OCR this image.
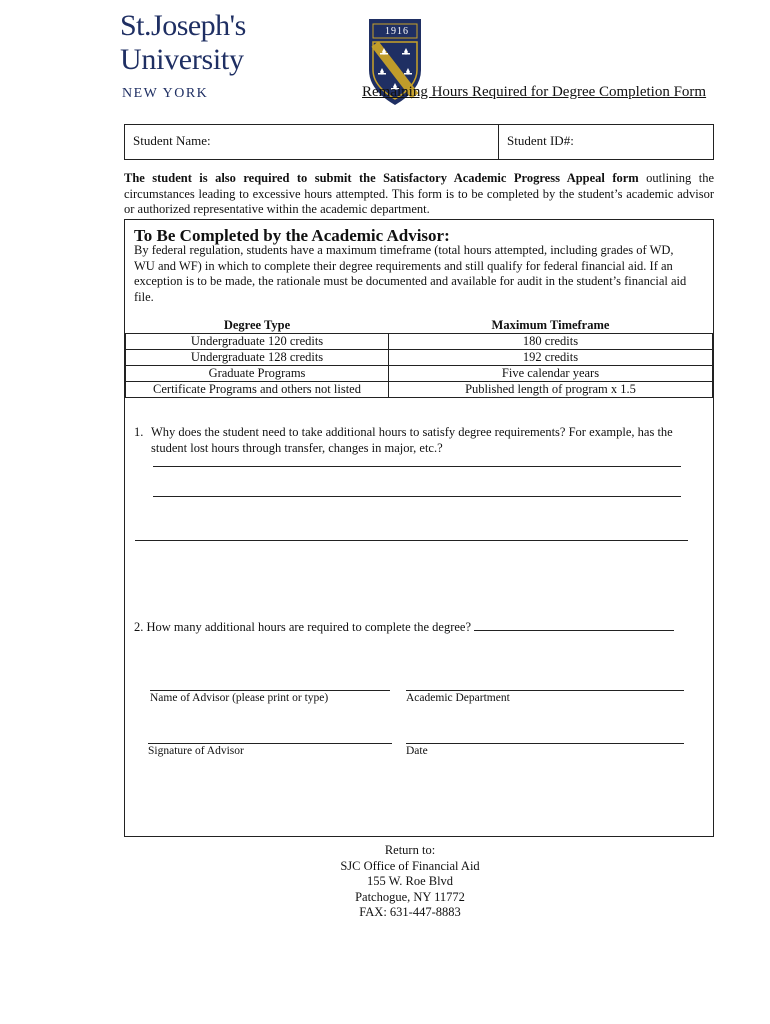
St.Joseph's
University
NEW YORK
1916
Remaining Hours Required for Degree Completion Form
Student Name:	Student ID#:
The student is also required to submit the Satisfactory Academic Progress Appeal form outlining the circumstances leading to excessive hours attempted. This form is to be completed by the student’s academic advisor or authorized representative within the academic department.
To Be Completed by the Academic Advisor:
By federal regulation, students have a maximum timeframe (total hours attempted, including grades of WD, WU and WF) in which to complete their degree requirements and still qualify for federal financial aid. If an exception is to be made, the rationale must be documented and available for audit in the student’s financial aid file.
Degree Type	Maximum Timeframe
Undergraduate 120 credits	180 credits
Undergraduate 128 credits	192 credits
Graduate Programs	Five calendar years
Certificate Programs and others not listed	Published length of program x 1.5
1. Why does the student need to take additional hours to satisfy degree requirements? For example, has the student lost hours through transfer, changes in major, etc.?
2. How many additional hours are required to complete the degree?
Name of Advisor (please print or type)	Academic Department
Signature of Advisor	Date
Return to:
SJC Office of Financial Aid
155 W. Roe Blvd
Patchogue, NY 11772
FAX: 631-447-8883
